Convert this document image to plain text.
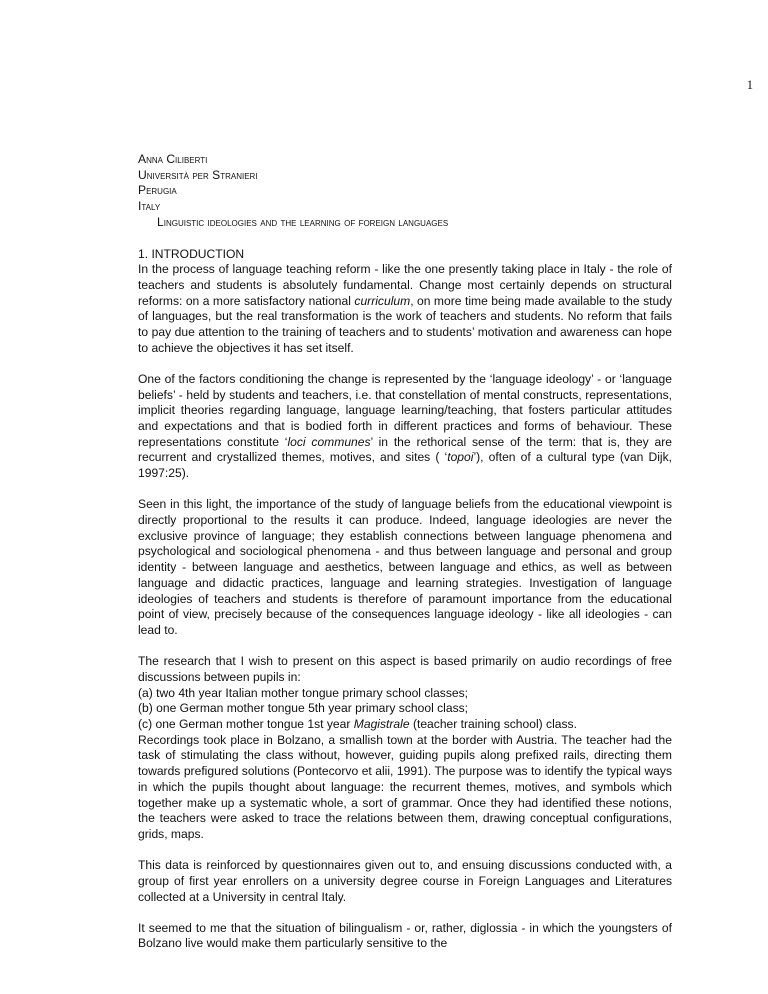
1
Anna Ciliberti
Università per Stranieri
Perugia
Italy
Linguistic ideologies and the learning of foreign languages
1. INTRODUCTION

In the process of language teaching reform - like the one presently taking place in Italy - the role of teachers and students is absolutely fundamental. Change most certainly depends on structural reforms: on a more satisfactory national curriculum, on more time being made available to the study of languages, but the real transformation is the work of teachers and students. No reform that fails to pay due attention to the training of teachers and to students’ motivation and awareness can hope to achieve the objectives it has set itself.

One of the factors conditioning the change is represented by the ‘language ideology’ - or ‘language beliefs’ - held by students and teachers, i.e. that constellation of mental constructs, representations, implicit theories regarding language, language learning/teaching, that fosters particular attitudes and expectations and that is bodied forth in different practices and forms of behaviour. These representations constitute ‘loci communes’ in the rethorical sense of the term: that is, they are recurrent and crystallized themes, motives, and sites ( ‘topoi’), often of a cultural type (van Dijk, 1997:25).

Seen in this light, the importance of the study of language beliefs from the educational viewpoint is directly proportional to the results it can produce. Indeed, language ideologies are never the exclusive province of language; they establish connections between language phenomena and psychological and sociological phenomena - and thus between language and personal and group identity - between language and aesthetics, between language and ethics, as well as between language and didactic practices, language and learning strategies. Investigation of language ideologies of teachers and students is therefore of paramount importance from the educational point of view, precisely because of the consequences language ideology - like all ideologies - can lead to.

The research that I wish to present on this aspect is based primarily on audio recordings of free discussions between pupils in:
(a) two 4th year Italian mother tongue primary school classes;
(b) one German mother tongue 5th year primary school class;
(c) one German mother tongue 1st year Magistrale (teacher training school) class.
Recordings took place in Bolzano, a smallish town at the border with Austria. The teacher had the task of stimulating the class without, however, guiding pupils along prefixed rails, directing them towards prefigured solutions (Pontecorvo et alii, 1991). The purpose was to identify the typical ways in which the pupils thought about language: the recurrent themes, motives, and symbols which together make up a systematic whole, a sort of grammar. Once they had identified these notions, the teachers were asked to trace the relations between them, drawing conceptual configurations, grids, maps.

This data is reinforced by questionnaires given out to, and ensuing discussions conducted with, a group of first year enrollers on a university degree course in Foreign Languages and Literatures collected at a University in central Italy.

It seemed to me that the situation of bilingualism - or, rather, diglossia - in which the youngsters of Bolzano live would make them particularly sensitive to the
